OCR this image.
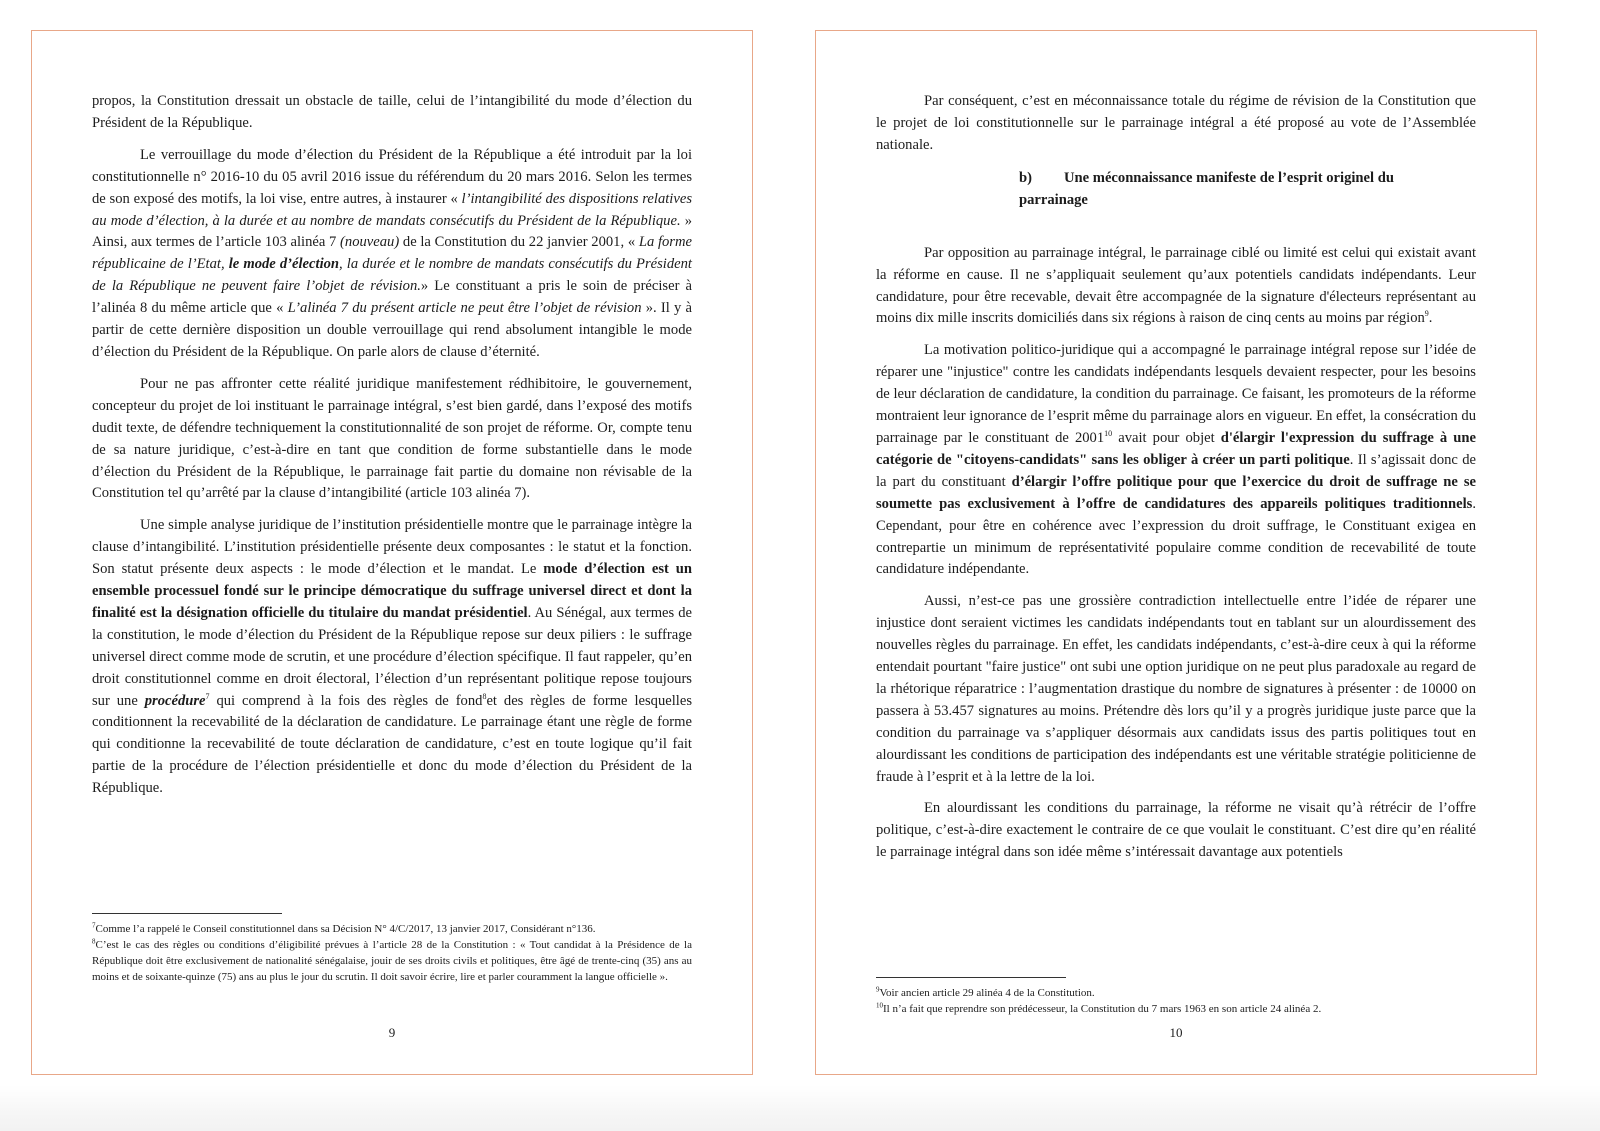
propos, la Constitution dressait un obstacle de taille, celui de l’intangibilité du mode d’élection du Président de la République.

Le verrouillage du mode d’élection du Président de la République a été introduit par la loi constitutionnelle n° 2016-10 du 05 avril 2016 issue du référendum du 20 mars 2016. Selon les termes de son exposé des motifs, la loi vise, entre autres, à instaurer « l’intangibilité des dispositions relatives au mode d’élection, à la durée et au nombre de mandats consécutifs du Président de la République. » Ainsi, aux termes de l’article 103 alinéa 7 (nouveau) de la Constitution du 22 janvier 2001, « La forme républicaine de l’Etat, le mode d’élection, la durée et le nombre de mandats consécutifs du Président de la République ne peuvent faire l’objet de révision.» Le constituant a pris le soin de préciser à l’alinéa 8 du même article que « L’alinéa 7 du présent article ne peut être l’objet de révision ». Il y à partir de cette dernière disposition un double verrouillage qui rend absolument intangible le mode d’élection du Président de la République. On parle alors de clause d’éternité.

Pour ne pas affronter cette réalité juridique manifestement rédhibitoire, le gouvernement, concepteur du projet de loi instituant le parrainage intégral, s’est bien gardé, dans l’exposé des motifs dudit texte, de défendre techniquement la constitutionnalité de son projet de réforme. Or, compte tenu de sa nature juridique, c’est-à-dire en tant que condition de forme substantielle dans le mode d’élection du Président de la République, le parrainage fait partie du domaine non révisable de la Constitution tel qu’arrêté par la clause d’intangibilité (article 103 alinéa 7).

Une simple analyse juridique de l’institution présidentielle montre que le parrainage intègre la clause d’intangibilité. L’institution présidentielle présente deux composantes : le statut et la fonction. Son statut présente deux aspects : le mode d’élection et le mandat. Le mode d’élection est un ensemble processuel fondé sur le principe démocratique du suffrage universel direct et dont la finalité est la désignation officielle du titulaire du mandat présidentiel. Au Sénégal, aux termes de la constitution, le mode d’élection du Président de la République repose sur deux piliers : le suffrage universel direct comme mode de scrutin, et une procédure d’élection spécifique. Il faut rappeler, qu’en droit constitutionnel comme en droit électoral, l’élection d’un représentant politique repose toujours sur une procédure$^7$ qui comprend à la fois des règles de fond$^8$et des règles de forme lesquelles conditionnent la recevabilité de la déclaration de candidature. Le parrainage étant une règle de forme qui conditionne la recevabilité de toute déclaration de candidature, c’est en toute logique qu’il fait partie de la procédure de l’élection présidentielle et donc du mode d’élection du Président de la République.

$^7$Comme l’a rappelé le Conseil constitutionnel dans sa Décision N° 4/C/2017, 13 janvier 2017, Considérant n°136.

$^8$C’est le cas des règles ou conditions d’éligibilité prévues à l’article 28 de la Constitution : « Tout candidat à la Présidence de la République doit être exclusivement de nationalité sénégalaise, jouir de ses droits civils et politiques, être âgé de trente-cinq (35) ans au moins et de soixante-quinze (75) ans au plus le jour du scrutin. Il doit savoir écrire, lire et parler couramment la langue officielle ».

9

Par conséquent, c’est en méconnaissance totale du régime de révision de la Constitution que le projet de loi constitutionnelle sur le parrainage intégral a été proposé au vote de l’Assemblée nationale.

b) Une méconnaissance manifeste de l’esprit originel du
parrainage

Par opposition au parrainage intégral, le parrainage ciblé ou limité est celui qui existait avant la réforme en cause. Il ne s’appliquait seulement qu’aux potentiels candidats indépendants. Leur candidature, pour être recevable, devait être accompagnée de la signature d'électeurs représentant au moins dix mille inscrits domiciliés dans six régions à raison de cinq cents au moins par région$^9$.

La motivation politico-juridique qui a accompagné le parrainage intégral repose sur l’idée de réparer une "injustice" contre les candidats indépendants lesquels devaient respecter, pour les besoins de leur déclaration de candidature, la condition du parrainage. Ce faisant, les promoteurs de la réforme montraient leur ignorance de l’esprit même du parrainage alors en vigueur. En effet, la consécration du parrainage par le constituant de 2001$^{10}$ avait pour objet d'élargir l'expression du suffrage à une catégorie de "citoyens-candidats" sans les obliger à créer un parti politique. Il s’agissait donc de la part du constituant d’élargir l’offre politique pour que l’exercice du droit de suffrage ne se soumette pas exclusivement à l’offre de candidatures des appareils politiques traditionnels. Cependant, pour être en cohérence avec l’expression du droit suffrage, le Constituant exigea en contrepartie un minimum de représentativité populaire comme condition de recevabilité de toute candidature indépendante.

Aussi, n’est-ce pas une grossière contradiction intellectuelle entre l’idée de réparer une injustice dont seraient victimes les candidats indépendants tout en tablant sur un alourdissement des nouvelles règles du parrainage. En effet, les candidats indépendants, c’est-à-dire ceux à qui la réforme entendait pourtant "faire justice" ont subi une option juridique on ne peut plus paradoxale au regard de la rhétorique réparatrice : l’augmentation drastique du nombre de signatures à présenter : de 10000 on passera à 53.457 signatures au moins. Prétendre dès lors qu’il y a progrès juridique juste parce que la condition du parrainage va s’appliquer désormais aux candidats issus des partis politiques tout en alourdissant les conditions de participation des indépendants est une véritable stratégie politicienne de fraude à l’esprit et à la lettre de la loi.

En alourdissant les conditions du parrainage, la réforme ne visait qu’à rétrécir de l’offre politique, c’est-à-dire exactement le contraire de ce que voulait le constituant. C’est dire qu’en réalité le parrainage intégral dans son idée même s’intéressait davantage aux potentiels

$^9$Voir ancien article 29 alinéa 4 de la Constitution.

$^{10}$Il n’a fait que reprendre son prédécesseur, la Constitution du 7 mars 1963 en son article 24 alinéa 2.

10
